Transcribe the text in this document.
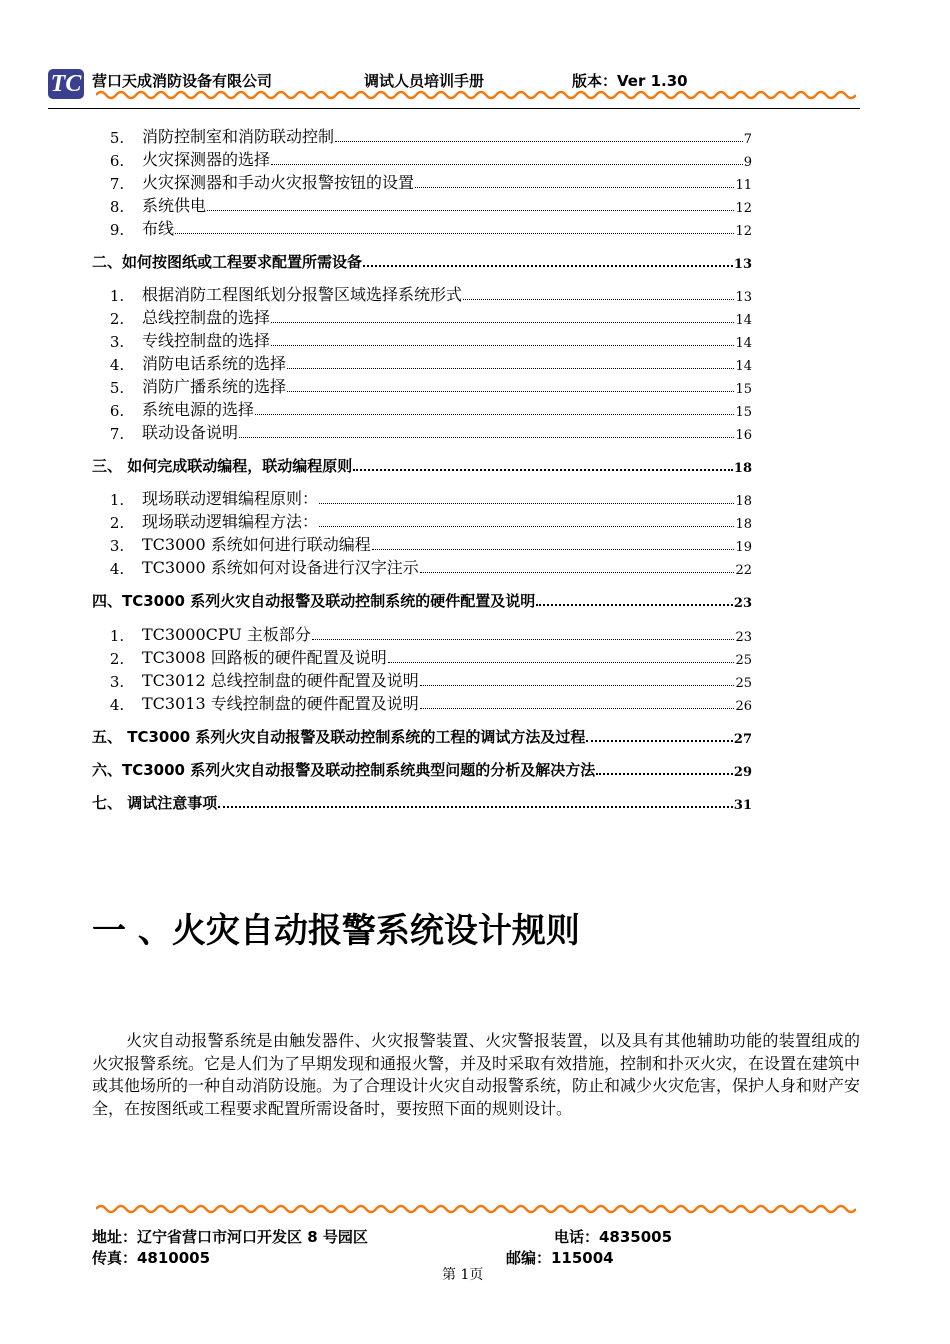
TC 营口天成消防设备有限公司	调试人员培训手册	版本：Ver 1.30
5.	消防控制室和消防联动控制	7
6.	火灾探测器的选择	9
7.	火灾探测器和手动火灾报警按钮的设置	11
8.	系统供电	12
9.	布线	12
二、如何按图纸或工程要求配置所需设备	13
1.	根据消防工程图纸划分报警区域选择系统形式	13
2.	总线控制盘的选择	14
3.	专线控制盘的选择	14
4.	消防电话系统的选择	14
5.	消防广播系统的选择	15
6.	系统电源的选择	15
7.	联动设备说明	16
三、 如何完成联动编程，联动编程原则	18
1.	现场联动逻辑编程原则：	18
2.	现场联动逻辑编程方法：	18
3.	TC3000 系统如何进行联动编程	19
4.	TC3000 系统如何对设备进行汉字注示	22
四、TC3000 系列火灾自动报警及联动控制系统的硬件配置及说明	23
1.	TC3000CPU 主板部分	23
2.	TC3008 回路板的硬件配置及说明	25
3.	TC3012 总线控制盘的硬件配置及说明	25
4.	TC3013 专线控制盘的硬件配置及说明	26
五、 TC3000 系列火灾自动报警及联动控制系统的工程的调试方法及过程	27
六、TC3000 系列火灾自动报警及联动控制系统典型问题的分析及解决方法	29
七、 调试注意事项	31
一 、火灾自动报警系统设计规则
火灾自动报警系统是由触发器件、火灾报警装置、火灾警报装置，以及具有其他辅助功能的装置组成的火灾报警系统。它是人们为了早期发现和通报火警，并及时采取有效措施，控制和扑灭火灾，在设置在建筑中或其他场所的一种自动消防设施。为了合理设计火灾自动报警系统，防止和减少火灾危害，保护人身和财产安全，在按图纸或工程要求配置所需设备时，要按照下面的规则设计。
地址：辽宁省营口市河口开发区 8 号园区	电话：4835005
传真：4810005	邮编：115004
第 1页
